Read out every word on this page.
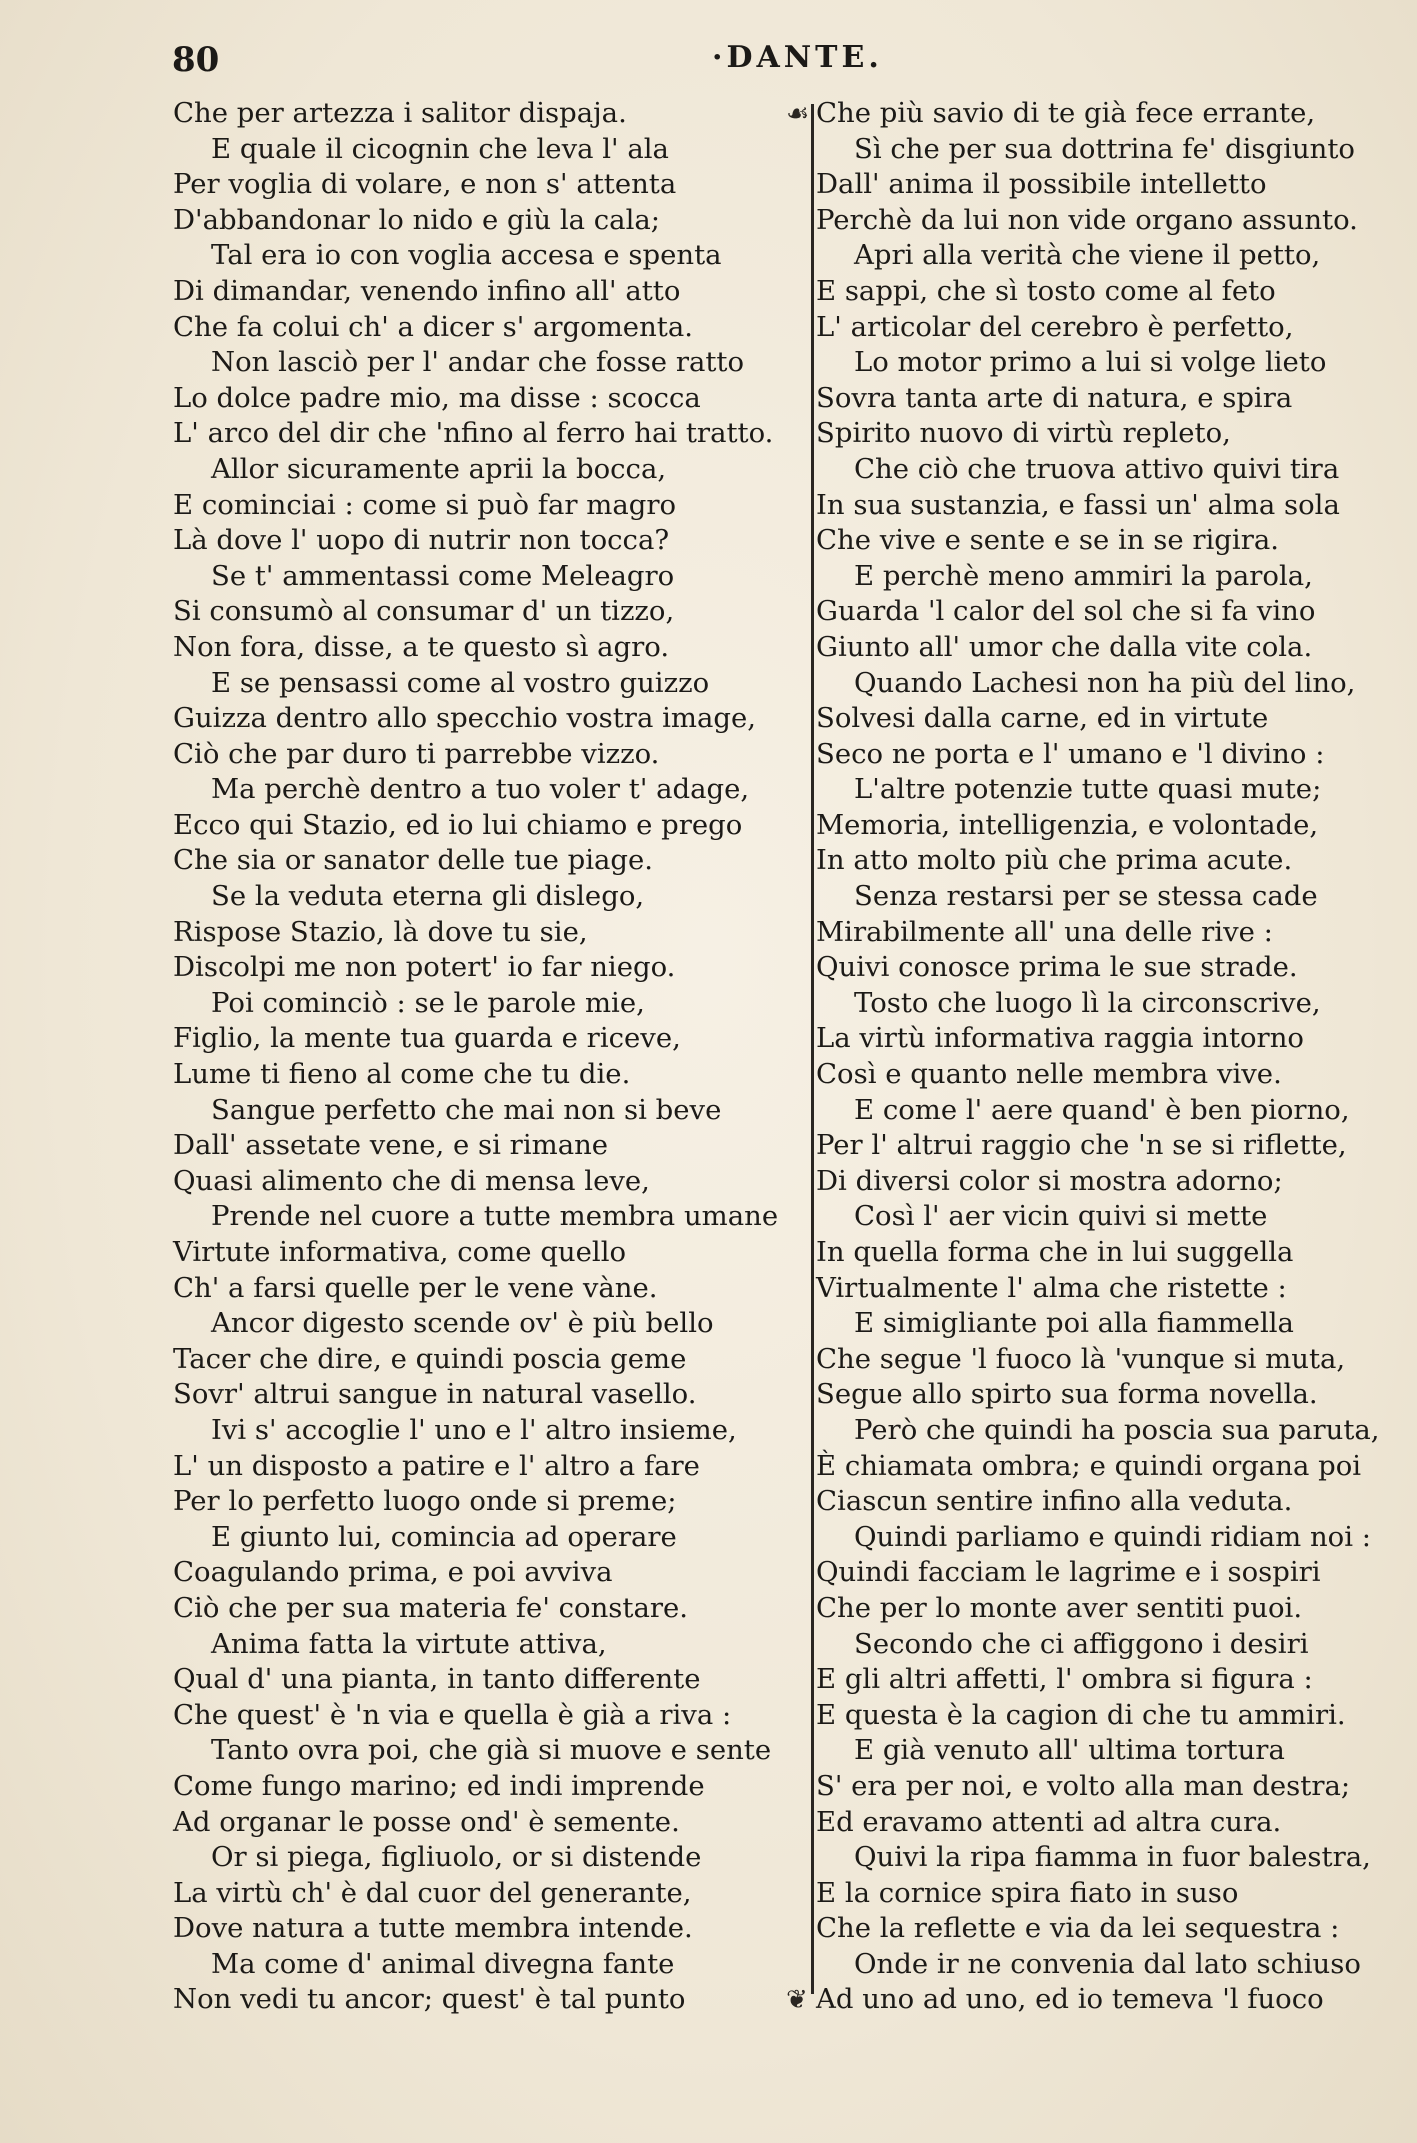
80	·DANTE.
Che per artezza i salitor dispaja.
E quale il cicognin che leva l' ala
Per voglia di volare, e non s' attenta
D'abbandonar lo nido e giù la cala;
Tal era io con voglia accesa e spenta
Di dimandar, venendo infino all' atto
Che fa colui ch' a dicer s' argomenta.
Non lasciò per l' andar che fosse ratto
Lo dolce padre mio, ma disse : scocca
L' arco del dir che 'nfino al ferro hai tratto.
Allor sicuramente aprii la bocca,
E cominciai : come si può far magro
Là dove l' uopo di nutrir non tocca?
Se t' ammentassi come Meleagro
Si consumò al consumar d' un tizzo,
Non fora, disse, a te questo sì agro.
E se pensassi come al vostro guizzo
Guizza dentro allo specchio vostra image,
Ciò che par duro ti parrebbe vizzo.
Ma perchè dentro a tuo voler t' adage,
Ecco qui Stazio, ed io lui chiamo e prego
Che sia or sanator delle tue piage.
Se la veduta eterna gli dislego,
Rispose Stazio, là dove tu sie,
Discolpi me non potert' io far niego.
Poi cominciò : se le parole mie,
Figlio, la mente tua guarda e riceve,
Lume ti fieno al come che tu die.
Sangue perfetto che mai non si beve
Dall' assetate vene, e si rimane
Quasi alimento che di mensa leve,
Prende nel cuore a tutte membra umane
Virtute informativa, come quello
Ch' a farsi quelle per le vene vàne.
Ancor digesto scende ov' è più bello
Tacer che dire, e quindi poscia geme
Sovr' altrui sangue in natural vasello.
Ivi s' accoglie l' uno e l' altro insieme,
L' un disposto a patire e l' altro a fare
Per lo perfetto luogo onde si preme;
E giunto lui, comincia ad operare
Coagulando prima, e poi avviva
Ciò che per sua materia fe' constare.
Anima fatta la virtute attiva,
Qual d' una pianta, in tanto differente
Che quest' è 'n via e quella è già a riva :
Tanto ovra poi, che già si muove e sente
Come fungo marino; ed indi imprende
Ad organar le posse ond' è semente.
Or si piega, figliuolo, or si distende
La virtù ch' è dal cuor del generante,
Dove natura a tutte membra intende.
Ma come d' animal divegna fante
Non vedi tu ancor; quest' è tal punto
☙ Che più savio di te già fece errante,
Sì che per sua dottrina fe' disgiunto
Dall' anima il possibile intelletto
Perchè da lui non vide organo assunto.
Apri alla verità che viene il petto,
E sappi, che sì tosto come al feto
L' articolar del cerebro è perfetto,
Lo motor primo a lui si volge lieto
Sovra tanta arte di natura, e spira
Spirito nuovo di virtù repleto,
Che ciò che truova attivo quivi tira
In sua sustanzia, e fassi un' alma sola
Che vive e sente e se in se rigira.
E perchè meno ammiri la parola,
Guarda 'l calor del sol che si fa vino
Giunto all' umor che dalla vite cola.
Quando Lachesi non ha più del lino,
Solvesi dalla carne, ed in virtute
Seco ne porta e l' umano e 'l divino :
L'altre potenzie tutte quasi mute;
Memoria, intelligenzia, e volontade,
In atto molto più che prima acute.
Senza restarsi per se stessa cade
Mirabilmente all' una delle rive :
Quivi conosce prima le sue strade.
Tosto che luogo lì la circonscrive,
La virtù informativa raggia intorno
Così e quanto nelle membra vive.
E come l' aere quand' è ben piorno,
Per l' altrui raggio che 'n se si riflette,
Di diversi color si mostra adorno;
Così l' aer vicin quivi si mette
In quella forma che in lui suggella
Virtualmente l' alma che ristette :
E simigliante poi alla fiammella
Che segue 'l fuoco là 'vunque si muta,
Segue allo spirto sua forma novella.
Però che quindi ha poscia sua paruta,
È chiamata ombra; e quindi organa poi
Ciascun sentire infino alla veduta.
Quindi parliamo e quindi ridiam noi :
Quindi facciam le lagrime e i sospiri
Che per lo monte aver sentiti puoi.
Secondo che ci affiggono i desiri
E gli altri affetti, l' ombra si figura :
E questa è la cagion di che tu ammiri.
E già venuto all' ultima tortura
S' era per noi, e volto alla man destra;
Ed eravamo attenti ad altra cura.
Quivi la ripa fiamma in fuor balestra,
E la cornice spira fiato in suso
Che la reflette e via da lei sequestra :
Onde ir ne convenia dal lato schiuso
❦ Ad uno ad uno, ed io temeva 'l fuoco
